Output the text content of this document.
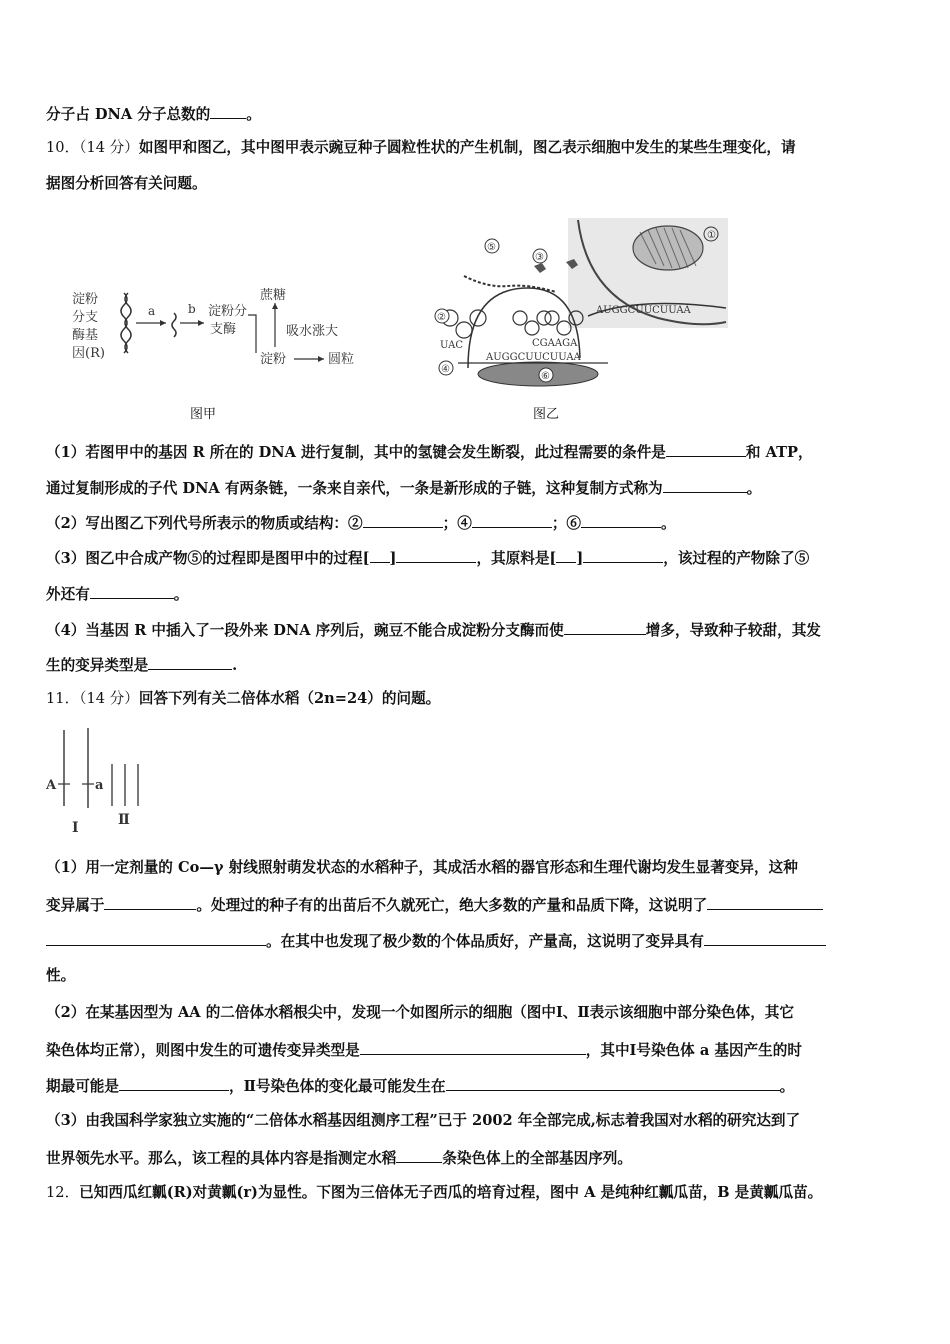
分子占 DNA 分子总数的 。
10．（14 分）如图甲和图乙，其中图甲表示豌豆种子圆粒性状的产生机制，图乙表示细胞中发生的某些生理变化，请
据图分析回答有关问题。
淀粉
分支
酶基
因(R)
a	b 淀粉分
支酶
蔗糖
吸水涨大
淀粉	圆粒
图甲
①
AUGGCUUCUUAA
⑥
AUGGCUUCUUAA
CGAAGA
UAC
②
④
⑤
③
图乙
（1）若图甲中的基因 R 所在的 DNA 进行复制，其中的氢键会发生断裂，此过程需要的条件是	和 ATP，
通过复制形成的子代 DNA 有两条链，一条来自亲代，一条是新形成的子链，这种复制方式称为	。
（2）写出图乙下列代号所表示的物质或结构：②	；④	；⑥	。
（3）图乙中合成产物⑤的过程即是图甲中的过程[ ]	，其原料是[ ]	，该过程的产物除了⑤
外还有	。
（4）当基因 R 中插入了一段外来 DNA 序列后，豌豆不能合成淀粉分支酶而使	增多，导致种子较甜，其发
生的变异类型是	.
11．（14 分）回答下列有关二倍体水稻（2n=24）的问题。
A	a
I	Ⅱ
（1）用一定剂量的 Co—γ 射线照射萌发状态的水稻种子，其成活水稻的器官形态和生理代谢均发生显著变异，这种
变异属于	。处理过的种子有的出苗后不久就死亡，绝大多数的产量和品质下降，这说明了
。在其中也发现了极少数的个体品质好，产量高，这说明了变异具有
性。
（2）在某基因型为 AA 的二倍体水稻根尖中，发现一个如图所示的细胞（图中Ⅰ、Ⅱ表示该细胞中部分染色体，其它
染色体均正常），则图中发生的可遗传变异类型是	，其中Ⅰ号染色体 a 基因产生的时
期最可能是	，Ⅱ号染色体的变化最可能发生在	。
（3）由我国科学家独立实施的“二倍体水稻基因组测序工程”已于 2002 年全部完成,标志着我国对水稻的研究达到了
世界领先水平。那么，该工程的具体内容是指测定水稻	条染色体上的全部基因序列。
12．已知西瓜红瓤(R)对黄瓤(r)为显性。下图为三倍体无子西瓜的培育过程，图中 A 是纯种红瓤瓜苗，B 是黄瓤瓜苗。
